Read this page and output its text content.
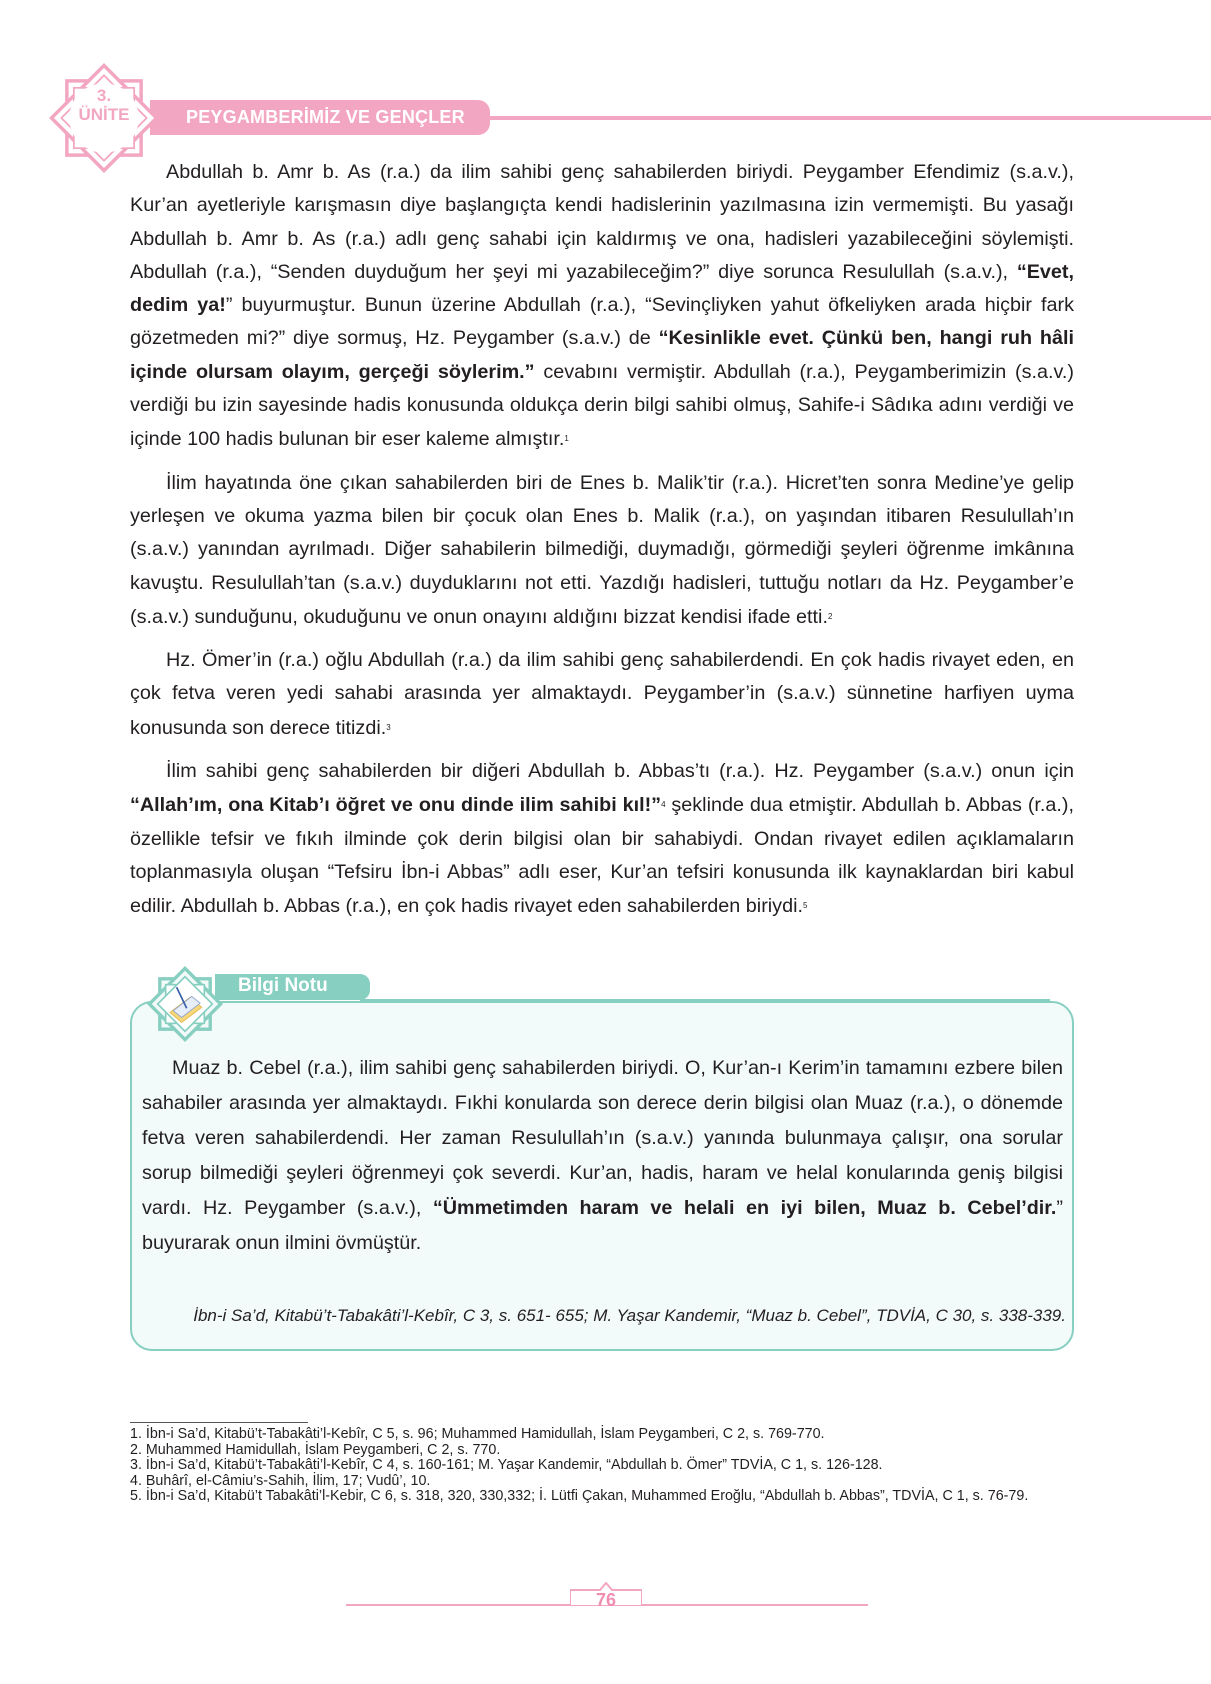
PEYGAMBERİMİZ VE GENÇLER
3.
ÜNİTE

Abdullah b. Amr b. As (r.a.) da ilim sahibi genç sahabilerden biriydi. Peygamber Efendimiz (s.a.v.), Kur’an ayetleriyle karışmasın diye başlangıçta kendi hadislerinin yazılmasına izin vermemişti. Bu yasağı Abdullah b. Amr b. As (r.a.) adlı genç sahabi için kaldırmış ve ona, hadisleri yazabileceğini söylemişti. Abdullah (r.a.), “Senden duyduğum her şeyi mi yazabileceğim?” diye sorunca Resulullah (s.a.v.), “Evet, dedim ya!” buyurmuştur. Bunun üzerine Abdullah (r.a.), “Sevinçliyken yahut öfkeliyken arada hiçbir fark gözetmeden mi?” diye sormuş, Hz. Peygamber (s.a.v.) de “Kesinlikle evet. Çünkü ben, hangi ruh hâli içinde olursam olayım, gerçeği söylerim.” cevabını vermiştir. Abdullah (r.a.), Peygamberimizin (s.a.v.) verdiği bu izin sayesinde hadis konusunda oldukça derin bilgi sahibi olmuş, Sahife-i Sâdıka adını verdiği ve içinde 100 hadis bulunan bir eser kaleme almıştır.$^1$

İlim hayatında öne çıkan sahabilerden biri de Enes b. Malik’tir (r.a.). Hicret’ten sonra Medine’ye gelip yerleşen ve okuma yazma bilen bir çocuk olan Enes b. Malik (r.a.), on yaşından itibaren Resulullah’ın (s.a.v.) yanından ayrılmadı. Diğer sahabilerin bilmediği, duymadığı, görmediği şeyleri öğrenme imkânına kavuştu. Resulullah’tan (s.a.v.) duyduklarını not etti. Yazdığı hadisleri, tuttuğu notları da Hz. Peygamber’e (s.a.v.) sunduğunu, okuduğunu ve onun onayını aldığını bizzat kendisi ifade etti.$^2$

Hz. Ömer’in (r.a.) oğlu Abdullah (r.a.) da ilim sahibi genç sahabilerdendi. En çok hadis rivayet eden, en çok fetva veren yedi sahabi arasında yer almaktaydı. Peygamber’in (s.a.v.) sünnetine harfiyen uyma konusunda son derece titizdi.$^3$

İlim sahibi genç sahabilerden bir diğeri Abdullah b. Abbas’tı (r.a.). Hz. Peygamber (s.a.v.) onun için “Allah’ım, ona Kitab’ı öğret ve onu dinde ilim sahibi kıl!”$^4$ şeklinde dua etmiştir. Abdullah b. Abbas (r.a.), özellikle tefsir ve fıkıh ilminde çok derin bilgisi olan bir sahabiydi. Ondan rivayet edilen açıklamaların toplanmasıyla oluşan “Tefsiru İbn-i Abbas” adlı eser, Kur’an tefsiri konusunda ilk kaynaklardan biri kabul edilir. Abdullah b. Abbas (r.a.), en çok hadis rivayet eden sahabilerden biriydi.$^5$

Bilgi Notu

Muaz b. Cebel (r.a.), ilim sahibi genç sahabilerden biriydi. O, Kur’an-ı Kerim’in tamamını ezbere bilen sahabiler arasında yer almaktaydı. Fıkhi konularda son derece derin bilgisi olan Muaz (r.a.), o dönemde fetva veren sahabilerdendi. Her zaman Resulullah’ın (s.a.v.) yanında bulunmaya çalışır, ona sorular sorup bilmediği şeyleri öğrenmeyi çok severdi. Kur’an, hadis, haram ve helal konularında geniş bilgisi vardı. Hz. Peygamber (s.a.v.), “Ümmetimden haram ve helali en iyi bilen, Muaz b. Cebel’dir.” buyurarak onun ilmini övmüştür.

İbn-i Sa’d, Kitabü’t-Tabakâti’l-Kebîr, C 3, s. 651- 655; M. Yaşar Kandemir, “Muaz b. Cebel”, TDVİA, C 30, s. 338-339.
1. İbn-i Sa’d, Kitabü’t-Tabakâti’l-Kebîr, C 5, s. 96; Muhammed Hamidullah, İslam Peygamberi, C 2, s. 769-770.
2. Muhammed Hamidullah, İslam Peygamberi, C 2, s. 770.
3. İbn-i Sa’d, Kitabü’t-Tabakâti’l-Kebîr, C 4, s. 160-161; M. Yaşar Kandemir, “Abdullah b. Ömer” TDVİA, C 1, s. 126-128.
4. Buhârî, el-Câmiu’s-Sahih, İlim, 17; Vudû’, 10.
5. İbn-i Sa’d, Kitabü’t Tabakâti’l-Kebir, C 6, s. 318, 320, 330,332; İ. Lütfi Çakan, Muhammed Eroğlu, “Abdullah b. Abbas”, TDVİA, C 1, s. 76-79.
76
